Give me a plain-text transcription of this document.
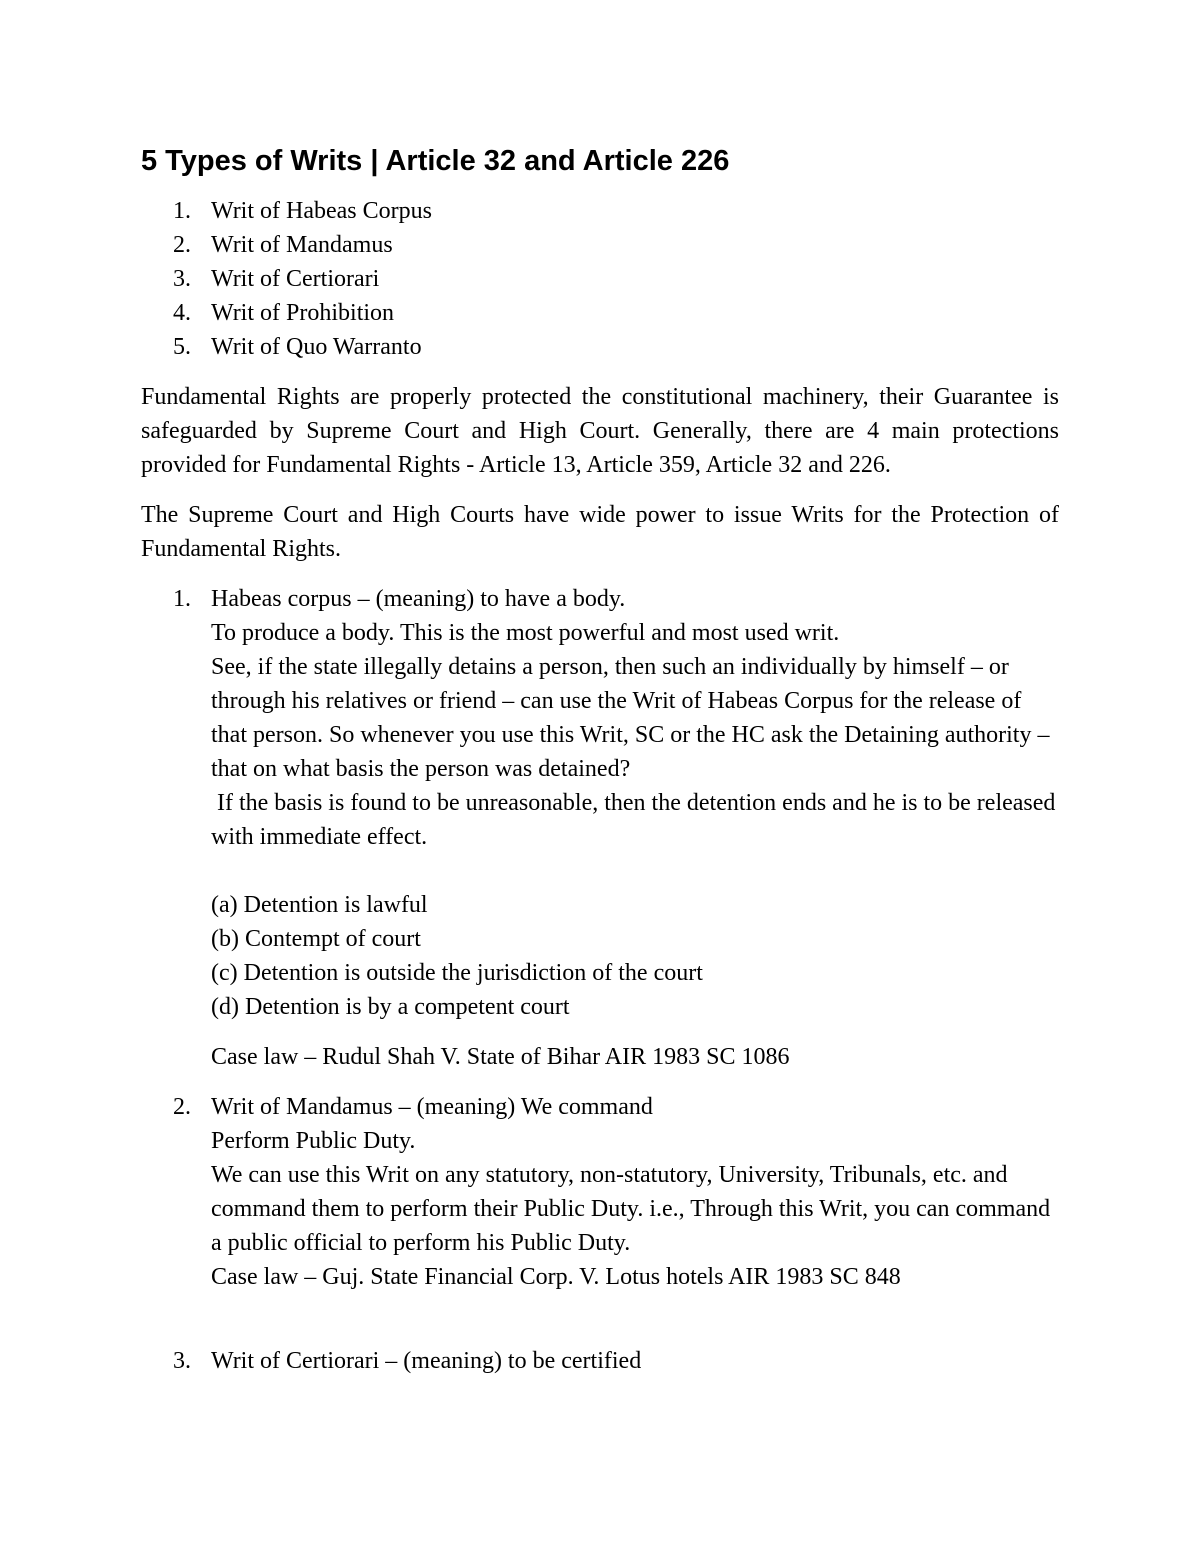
5 Types of Writs | Article 32 and Article 226
1. Writ of Habeas Corpus
2. Writ of Mandamus
3. Writ of Certiorari
4. Writ of Prohibition
5. Writ of Quo Warranto

Fundamental Rights are properly protected the constitutional machinery, their Guarantee is safeguarded by Supreme Court and High Court. Generally, there are 4 main protections provided for Fundamental Rights - Article 13, Article 359, Article 32 and 226.

The Supreme Court and High Courts have wide power to issue Writs for the Protection of Fundamental Rights.

1. Habeas corpus – (meaning) to have a body.
To produce a body. This is the most powerful and most used writ.
See, if the state illegally detains a person, then such an individually by himself – or through his relatives or friend – can use the Writ of Habeas Corpus for the release of that person. So whenever you use this Writ, SC or the HC ask the Detaining authority – that on what basis the person was detained?
If the basis is found to be unreasonable, then the detention ends and he is to be released with immediate effect.
(a) Detention is lawful
(b) Contempt of court
(c) Detention is outside the jurisdiction of the court
(d) Detention is by a competent court
Case law – Rudul Shah V. State of Bihar AIR 1983 SC 1086
2. Writ of Mandamus – (meaning) We command
Perform Public Duty.
We can use this Writ on any statutory, non-statutory, University, Tribunals, etc. and command them to perform their Public Duty. i.e., Through this Writ, you can command a public official to perform his Public Duty.
Case law – Guj. State Financial Corp. V. Lotus hotels AIR 1983 SC 848
3. Writ of Certiorari – (meaning) to be certified
